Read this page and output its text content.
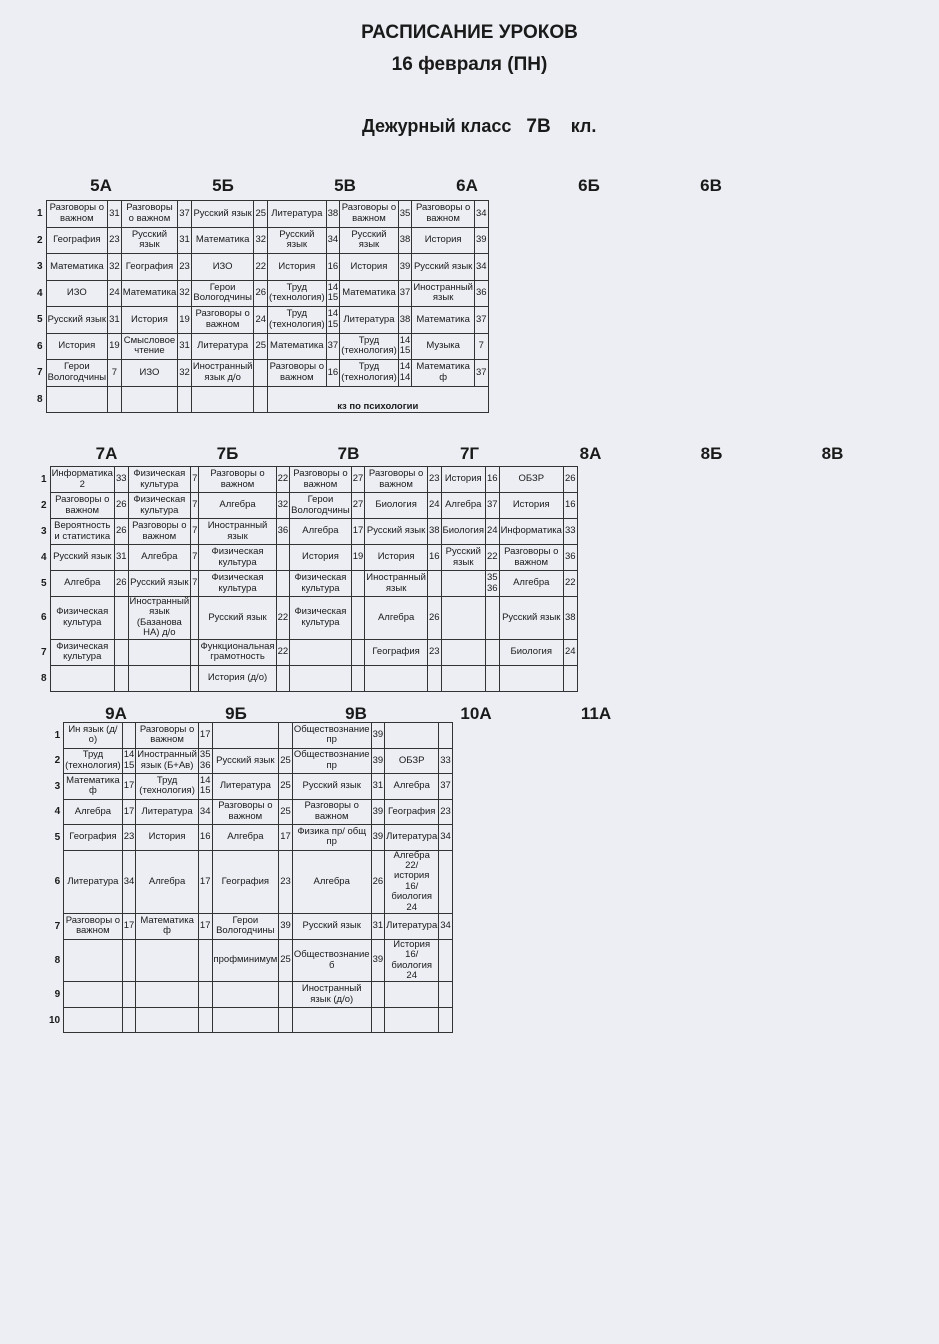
РАСПИСАНИЕ УРОКОВ
16 февраля (ПН)
Дежурный класс 7В кл.
5А	5Б	5В	6А	6Б	6В
1	Разговоры о важном	31	Разговоры о важном	37	Русский язык	25	Литература	38	Разговоры о важном	35	Разговоры о важном	34
2	География	23	Русский язык	31	Математика	32	Русский язык	34	Русский язык	38	История	39
3	Математика	32	География	23	ИЗО	22	История	16	История	39	Русский язык	34
4	ИЗО	24	Математика	32	Герои Вологодчины	26	Труд (технология)	14 15	Математика	37	Иностранный язык	36
5	Русский язык	31	История	19	Разговоры о важном	24	Труд (технология)	14 15	Литература	38	Математика	37
6	История	19	Смысловое чтение	31	Литература	25	Математика	37	Труд (технология)	14 15	Музыка	7
7	Герои Вологодчины	7	ИЗО	32	Иностранный язык д/о		Разговоры о важном	16	Труд (технология)	14 14	Математика ф	37
8							кз по психологии					
7А	7Б	7В	7Г	8А	8Б	8В
1	Информатика 2	33	Физическая культура	7	Разговоры о важном	22	Разговоры о важном	27	Разговоры о важном	23	История	16	ОБЗР	26
2	Разговоры о важном	26	Физическая культура	7	Алгебра	32	Герои Вологодчины	27	Биология	24	Алгебра	37	История	16
3	Вероятность и статистика	26	Разговоры о важном	7	Иностранный язык	36	Алгебра	17	Русский язык	38	Биология	24	Информатика	33
4	Русский язык	31	Алгебра	7	Физическая культура		История	19	История	16	Русский язык	22	Разговоры о важном	36
5	Алгебра	26	Русский язык	7	Физическая культура		Физическая культура		Иностранный язык			35 36	Алгебра	22
6	Физическая культура		Иностранный язык (Базанова НА) д/о		Русский язык	22	Физическая культура		Алгебра	26			Русский язык	38
7	Физическая культура				Функциональная грамотность	22			География	23			Биология	24
8					История (д/о)									
9А	9Б	9В	10А	11А
1	Ин язык (д/о)		Разговоры о важном	17			Обществознание пр	39		
2	Труд (технология)	14 15	Иностранный язык (Б+Ав)	35 36	Русский язык	25	Обществознание пр	39	ОБЗР	33
3	Математика ф	17	Труд (технология)	14 15	Литература	25	Русский язык	31	Алгебра	37
4	Алгебра	17	Литература	34	Разговоры о важном	25	Разговоры о важном	39	География	23
5	География	23	История	16	Алгебра	17	Физика пр/ общ пр	39	Литература	34
6	Литература	34	Алгебра	17	География	23	Алгебра	26	Алгебра 22/ история 16/ биология 24	
7	Разговоры о важном	17	Математика ф	17	Герои Вологодчины	39	Русский язык	31	Литература	34
8					профминимум	25	Обществознание б	39	История 16/ биология 24	
9							Иностранный язык (д/о)			
10										
